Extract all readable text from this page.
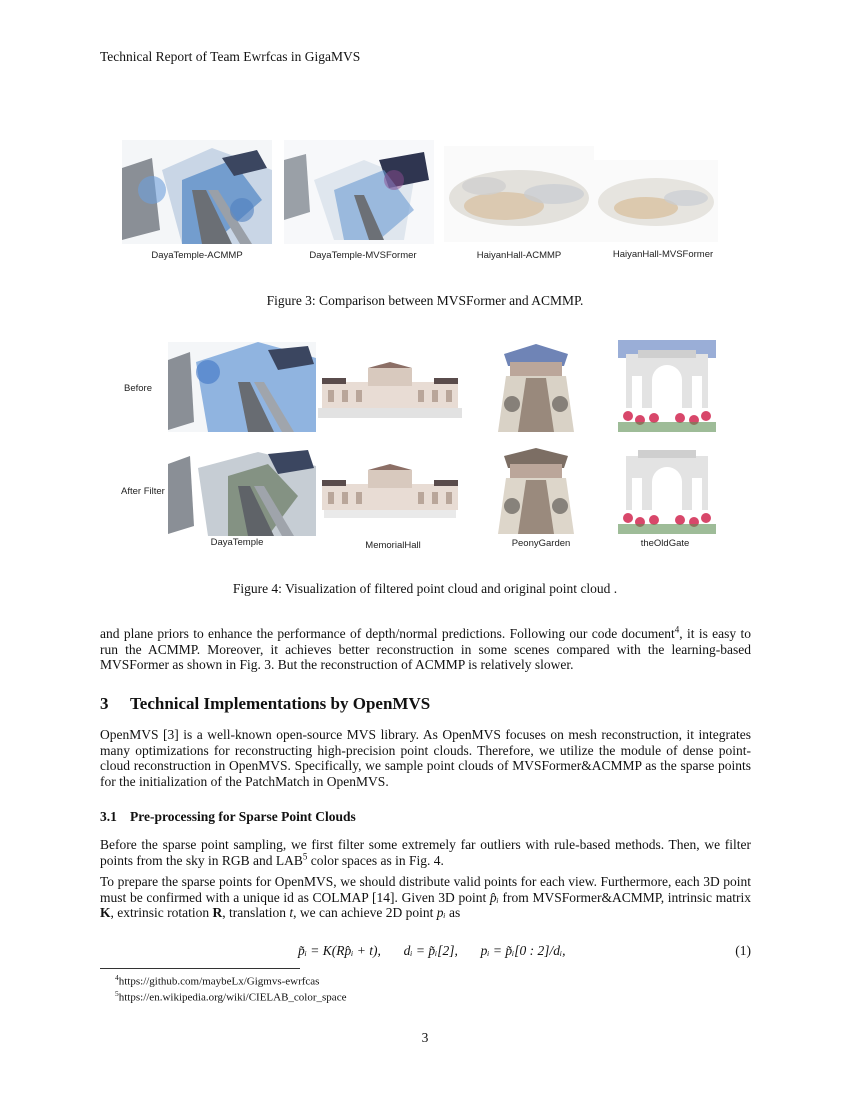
Technical Report of Team Ewrfcas in GigaMVS
DayaTemple-ACMMP	DayaTemple-MVSFormer	HaiyanHall-ACMMP	HaiyanHall-MVSFormer
Figure 3: Comparison between MVSFormer and ACMMP.
Before
After Filter
DayaTemple	MemorialHall	PeonyGarden	theOldGate
Figure 4: Visualization of filtered point cloud and original point cloud .
and plane priors to enhance the performance of depth/normal predictions. Following our code document$^4$, it is easy to run the ACMMP. Moreover, it achieves better reconstruction in some scenes compared with the learning-based MVSFormer as shown in Fig. 3. But the reconstruction of ACMMP is relatively slower.
3 Technical Implementations by OpenMVS
OpenMVS [3] is a well-known open-source MVS library. As OpenMVS focuses on mesh reconstruction, it integrates many optimizations for reconstructing high-precision point clouds. Therefore, we utilize the module of dense point-cloud reconstruction in OpenMVS. Specifically, we sample point clouds of MVSFormer&ACMMP as the sparse points for the initialization of the PatchMatch in OpenMVS.
3.1 Pre-processing for Sparse Point Clouds
Before the sparse point sampling, we first filter some extremely far outliers with rule-based methods. Then, we filter points from the sky in RGB and LAB$^5$ color spaces as in Fig. 4.
To prepare the sparse points for OpenMVS, we should distribute valid points for each view. Furthermore, each 3D point must be confirmed with a unique id as COLMAP [14]. Given 3D point p̂ᵢ from MVSFormer&ACMMP, intrinsic matrix K, extrinsic rotation R, translation t, we can achieve 2D point pᵢ as
p̃ᵢ = K(Rp̂ᵢ + t), dᵢ = p̃ᵢ[2], pᵢ = p̃ᵢ[0 : 2]/dᵢ,	(1)
$^4$https://github.com/maybeLx/Gigmvs-ewrfcas
$^5$https://en.wikipedia.org/wiki/CIELAB_color_space
3
